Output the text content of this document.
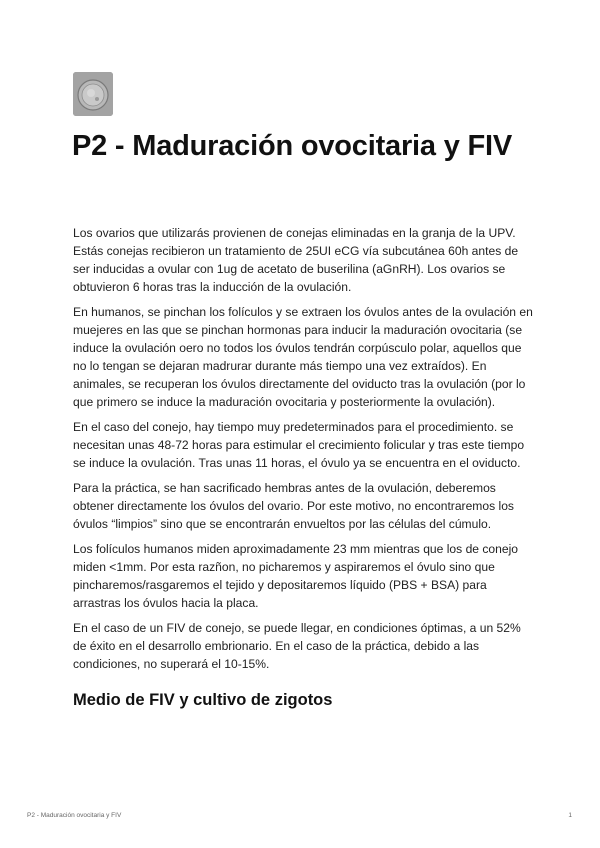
P2 - Maduración ovocitaria y FIV

Los ovarios que utilizarás provienen de conejas eliminadas en la granja de la UPV. Estás conejas recibieron un tratamiento de 25UI eCG vía subcutánea 60h antes de ser inducidas a ovular con 1ug de acetato de buserilina (aGnRH). Los ovarios se obtuvieron 6 horas tras la inducción de la ovulación.

En humanos, se pinchan los folículos y se extraen los óvulos antes de la ovulación en muejeres en las que se pinchan hormonas para inducir la maduración ovocitaria (se induce la ovulación oero no todos los óvulos tendrán corpúsculo polar, aquellos que no lo tengan se dejaran madrurar durante más tiempo una vez extraídos). En animales, se recuperan los óvulos directamente del oviducto tras la ovulación (por lo que primero se induce la maduración ovocitaria y posteriormente la ovulación).

En el caso del conejo, hay tiempo muy predeterminados para el procedimiento. se necesitan unas 48-72 horas para estimular el crecimiento folicular y tras este tiempo se induce la ovulación. Tras unas 11 horas, el óvulo ya se encuentra en el oviducto.

Para la práctica, se han sacrificado hembras antes de la ovulación, deberemos obtener directamente los óvulos del ovario. Por este motivo, no encontraremos los óvulos “limpios” sino que se encontrarán envueltos por las células del cúmulo.

Los folículos humanos miden aproximadamente 23 mm mientras que los de conejo miden <1mm. Por esta razñon, no picharemos y aspiraremos el óvulo sino que pincharemos/rasgaremos el tejido y depositaremos líquido (PBS + BSA) para arrastras los óvulos hacia la placa.

En el caso de un FIV de conejo, se puede llegar, en condiciones óptimas, a un 52% de éxito en el desarrollo embrionario. En el caso de la práctica, debido a las condiciones, no superará el 10-15%.

Medio de FIV y cultivo de zigotos
P2 - Maduración ovocitaria y FIV	1
